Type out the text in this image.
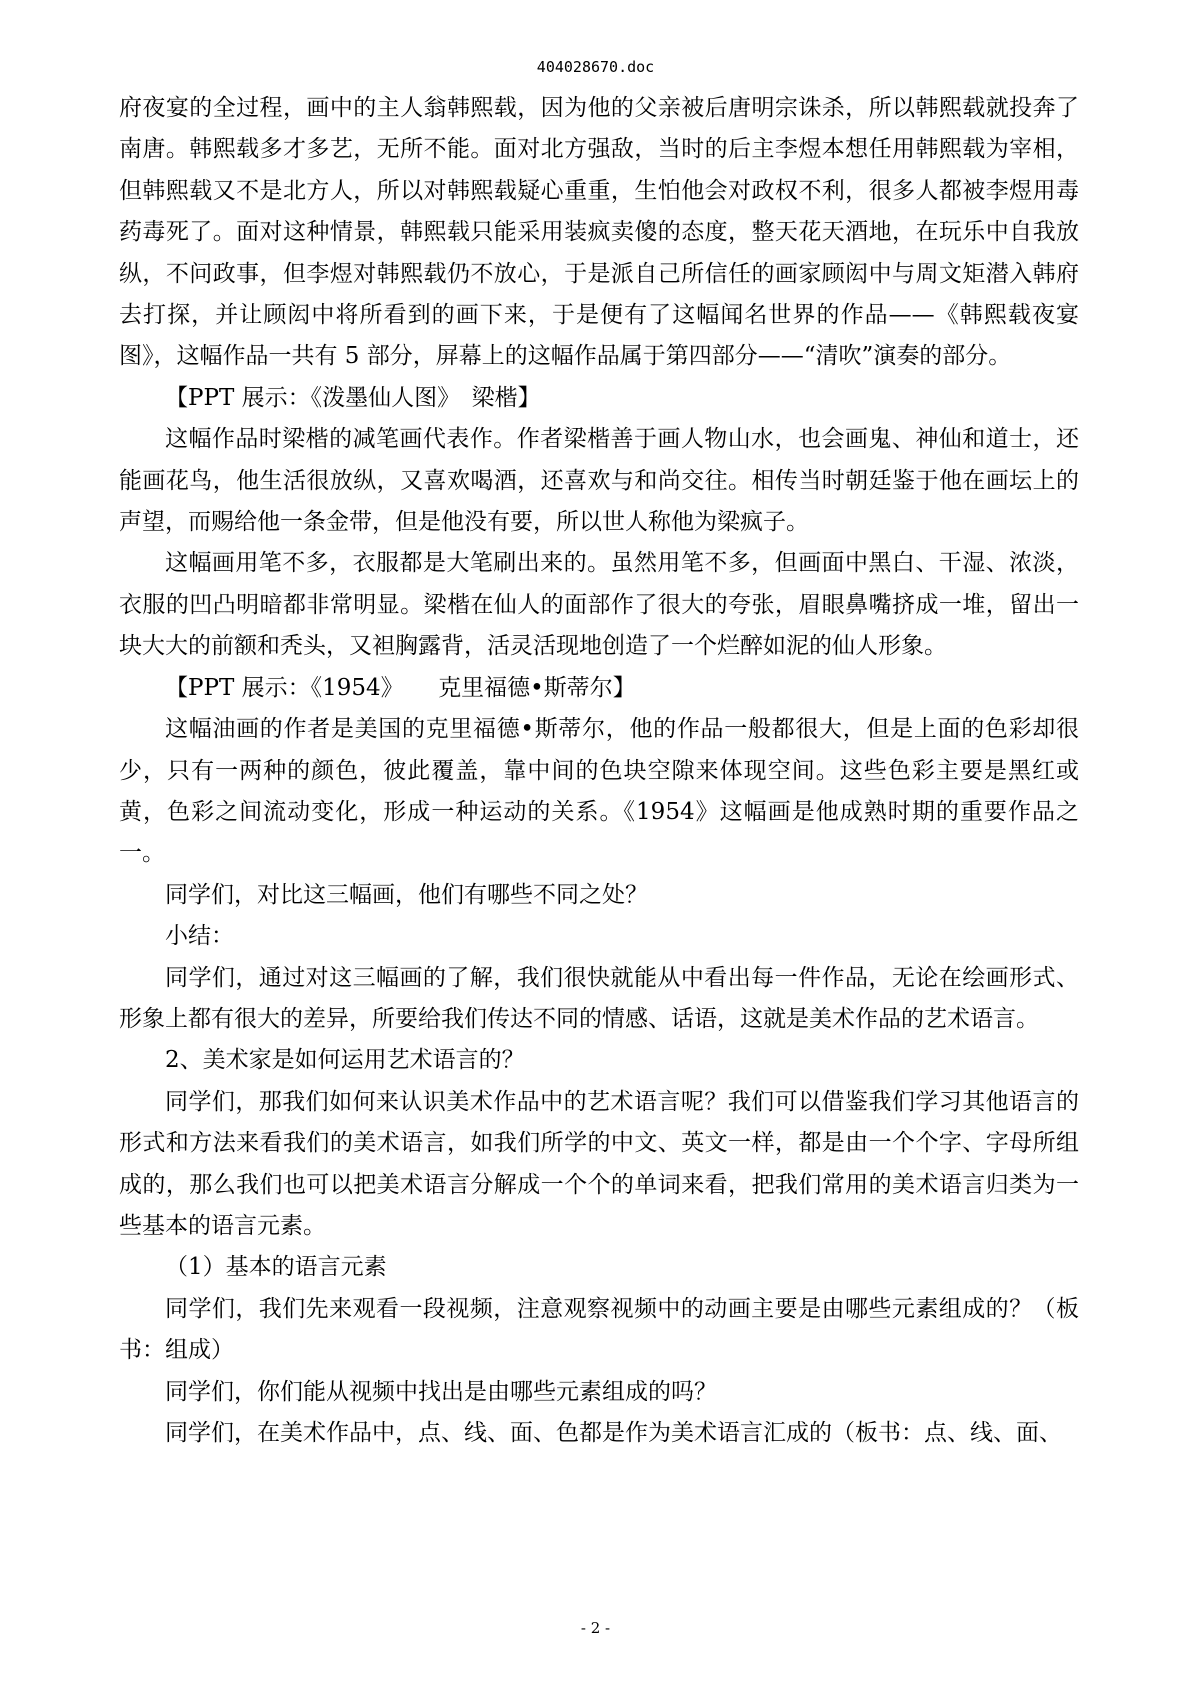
404028670.doc

府夜宴的全过程，画中的主人翁韩熙载，因为他的父亲被后唐明宗诛杀，所以韩熙载就投奔了南唐。韩熙载多才多艺，无所不能。面对北方强敌，当时的后主李煜本想任用韩熙载为宰相，但韩熙载又不是北方人，所以对韩熙载疑心重重，生怕他会对政权不利，很多人都被李煜用毒药毒死了。面对这种情景，韩熙载只能采用装疯卖傻的态度，整天花天酒地，在玩乐中自我放纵，不问政事，但李煜对韩熙载仍不放心，于是派自己所信任的画家顾闳中与周文矩潜入韩府去打探，并让顾闳中将所看到的画下来，于是便有了这幅闻名世界的作品——《韩熙载夜宴图》，这幅作品一共有 5 部分，屏幕上的这幅作品属于第四部分——“清吹”演奏的部分。

【PPT 展示：《泼墨仙人图》　梁楷】

这幅作品时梁楷的减笔画代表作。作者梁楷善于画人物山水，也会画鬼、神仙和道士，还能画花鸟，他生活很放纵，又喜欢喝酒，还喜欢与和尚交往。相传当时朝廷鉴于他在画坛上的声望，而赐给他一条金带，但是他没有要，所以世人称他为梁疯子。

这幅画用笔不多，衣服都是大笔刷出来的。虽然用笔不多，但画面中黑白、干湿、浓淡，衣服的凹凸明暗都非常明显。梁楷在仙人的面部作了很大的夸张，眉眼鼻嘴挤成一堆，留出一块大大的前额和秃头，又袒胸露背，活灵活现地创造了一个烂醉如泥的仙人形象。

【PPT 展示：《1954》　　克里福德•斯蒂尔】

这幅油画的作者是美国的克里福德•斯蒂尔，他的作品一般都很大，但是上面的色彩却很少，只有一两种的颜色，彼此覆盖，靠中间的色块空隙来体现空间。这些色彩主要是黑红或黄，色彩之间流动变化，形成一种运动的关系。《1954》这幅画是他成熟时期的重要作品之一。

同学们，对比这三幅画，他们有哪些不同之处？

小结：

同学们，通过对这三幅画的了解，我们很快就能从中看出每一件作品，无论在绘画形式、形象上都有很大的差异，所要给我们传达不同的情感、话语，这就是美术作品的艺术语言。

2、美术家是如何运用艺术语言的？

同学们，那我们如何来认识美术作品中的艺术语言呢？我们可以借鉴我们学习其他语言的形式和方法来看我们的美术语言，如我们所学的中文、英文一样，都是由一个个字、字母所组成的，那么我们也可以把美术语言分解成一个个的单词来看，把我们常用的美术语言归类为一些基本的语言元素。

（1）基本的语言元素

同学们，我们先来观看一段视频，注意观察视频中的动画主要是由哪些元素组成的？（板书：组成）

同学们，你们能从视频中找出是由哪些元素组成的吗？

同学们，在美术作品中，点、线、面、色都是作为美术语言汇成的（板书：点、线、面、

- 2 -
